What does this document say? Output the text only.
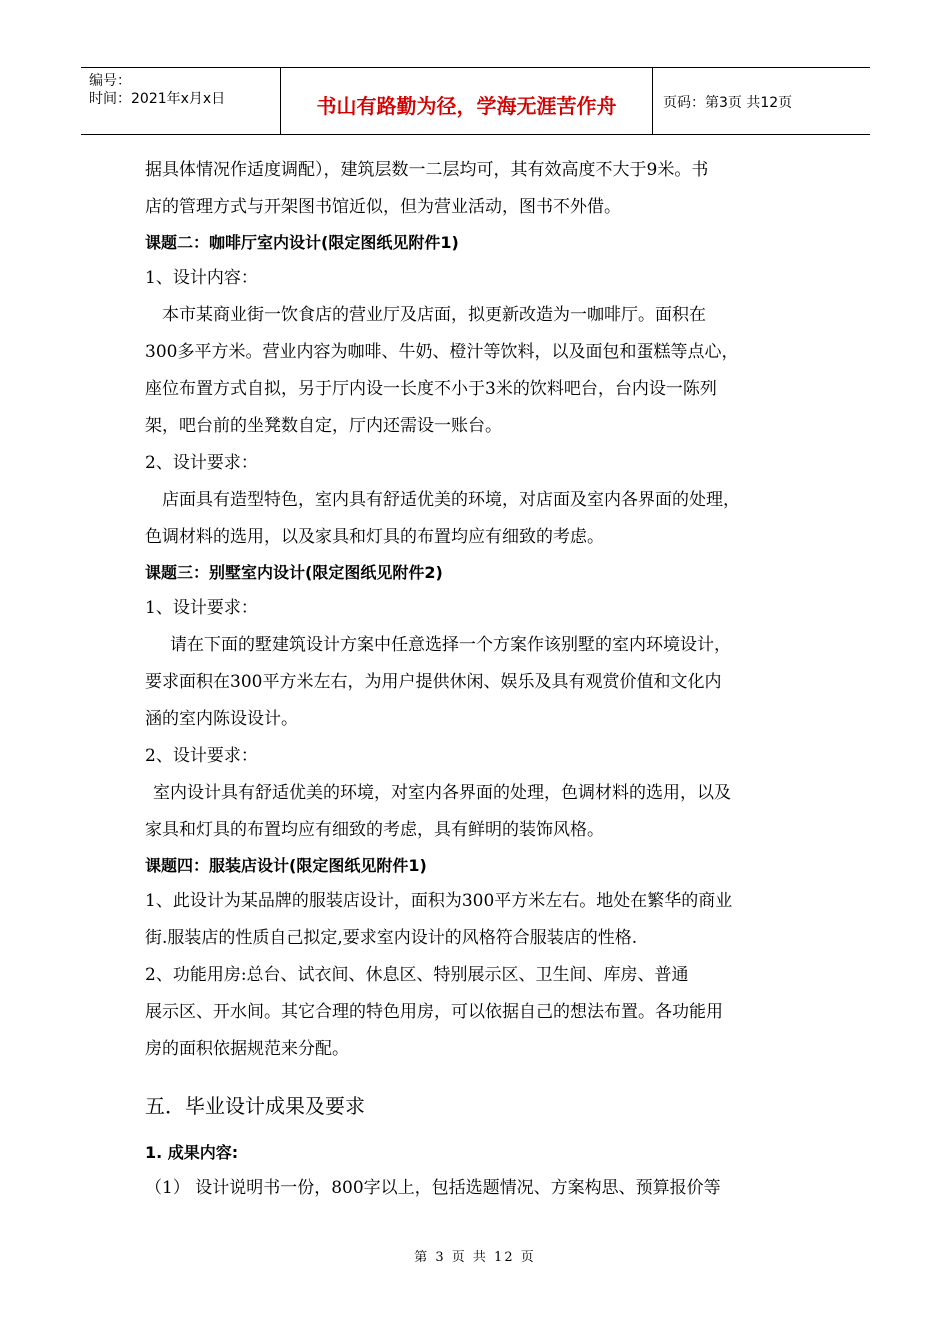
编号：
时间：2021年x月x日	书山有路勤为径，学海无涯苦作舟	页码：第3页 共12页

据具体情况作适度调配），建筑层数一二层均可，其有效高度不大于9米。书

店的管理方式与开架图书馆近似，但为营业活动，图书不外借。

课题二：咖啡厅室内设计(限定图纸见附件1)

1、设计内容：

本市某商业街一饮食店的营业厅及店面，拟更新改造为一咖啡厅。面积在

300多平方米。营业内容为咖啡、牛奶、橙汁等饮料，以及面包和蛋糕等点心，

座位布置方式自拟，另于厅内设一长度不小于3米的饮料吧台，台内设一陈列

架，吧台前的坐凳数自定，厅内还需设一账台。

2、设计要求：

店面具有造型特色，室内具有舒适优美的环境，对店面及室内各界面的处理，

色调材料的选用，以及家具和灯具的布置均应有细致的考虑。

课题三：别墅室内设计(限定图纸见附件2)

1、设计要求：

请在下面的墅建筑设计方案中任意选择一个方案作该别墅的室内环境设计，

要求面积在300平方米左右，为用户提供休闲、娱乐及具有观赏价值和文化内

涵的室内陈设设计。

2、设计要求：

室内设计具有舒适优美的环境，对室内各界面的处理，色调材料的选用，以及

家具和灯具的布置均应有细致的考虑，具有鲜明的装饰风格。

课题四：服装店设计(限定图纸见附件1)

1、此设计为某品牌的服装店设计，面积为300平方米左右。地处在繁华的商业

街.服装店的性质自己拟定,要求室内设计的风格符合服装店的性格.

2、功能用房:总台、试衣间、休息区、特别展示区、卫生间、库房、普通

展示区、开水间。其它合理的特色用房，可以依据自己的想法布置。各功能用

房的面积依据规范来分配。

五．毕业设计成果及要求

1. 成果内容:

（1） 设计说明书一份，800字以上，包括选题情况、方案构思、预算报价等

第 3 页 共 12 页
